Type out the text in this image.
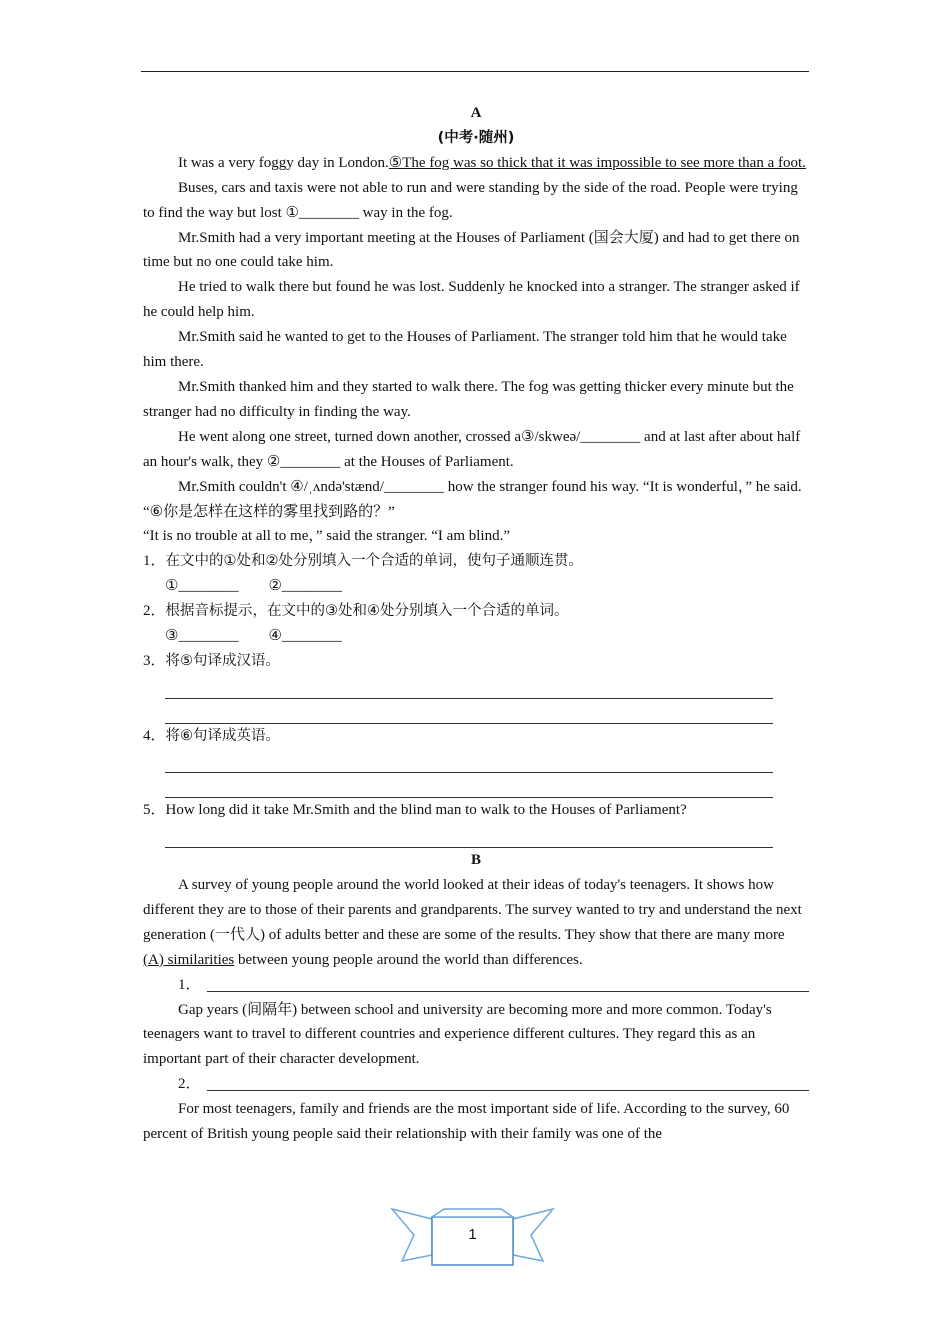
A
(中考·随州)
It was a very foggy day in London.⑤The fog was so thick that it was impossible to see more than a foot.
Buses, cars and taxis were not able to run and were standing by the side of the road. People were trying to find the way but lost ①________ way in the fog.
Mr.Smith had a very important meeting at the Houses of Parliament (国会大厦) and had to get there on time but no one could take him.
He tried to walk there but found he was lost. Suddenly he knocked into a stranger. The stranger asked if he could help him.
Mr.Smith said he wanted to get to the Houses of Parliament. The stranger told him that he would take him there.
Mr.Smith thanked him and they started to walk there. The fog was getting thicker every minute but the stranger had no difficulty in finding the way.
He went along one street, turned down another, crossed a③/skweə/________ and at last after about half an hour's walk, they ②________ at the Houses of Parliament.
Mr.Smith couldn't ④/ˌʌndə'stænd/________ how the stranger found his way. “It is wonderful，” he said. “⑥你是怎样在这样的雾里找到路的？”
“It is no trouble at all to me，” said the stranger. “I am blind.”
1． 在文中的①处和②处分别填入一个合适的单词，使句子通顺连贯。
①________　　②________
2． 根据音标提示，在文中的③处和④处分别填入一个合适的单词。
③________　　④________
3． 将⑤句译成汉语。
4． 将⑥句译成英语。
5． How long did it take Mr.Smith and the blind man to walk to the Houses of Parliament?
B
A survey of young people around the world looked at their ideas of today's teenagers. It shows how different they are to those of their parents and grandparents. The survey wanted to try and understand the next generation (一代人) of adults better and these are some of the results. They show that there are many more (A) similarities between young people around the world than differences.
1．
Gap years (间隔年) between school and university are becoming more and more common. Today's teenagers want to travel to different countries and experience different cultures. They regard this as an important part of their character development.
2．
For most teenagers, family and friends are the most important side of life. According to the survey, 60 percent of British young people said their relationship with their family was one of the
1
